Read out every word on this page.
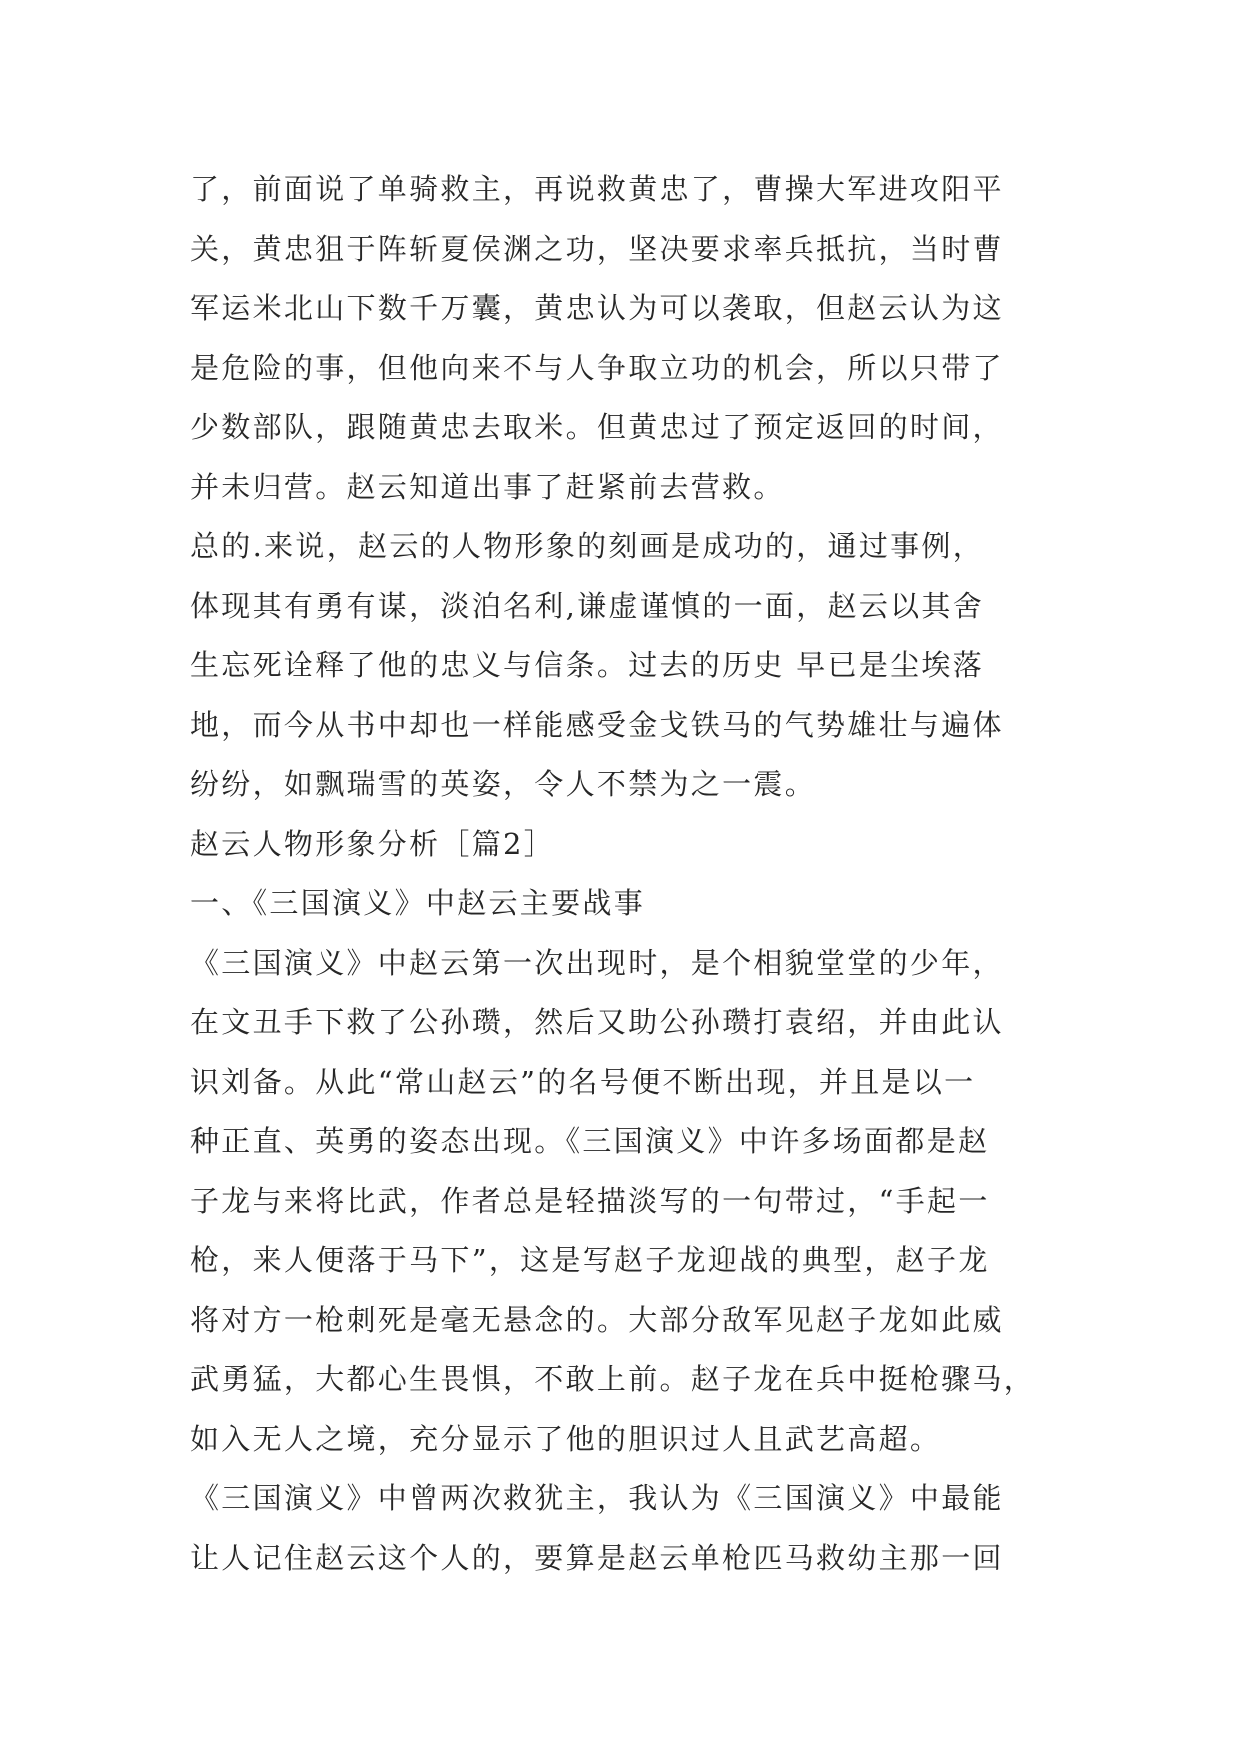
了，前面说了单骑救主，再说救黄忠了，曹操大军进攻阳平
关，黄忠狙于阵斩夏侯渊之功，坚决要求率兵抵抗，当时曹
军运米北山下数千万囊，黄忠认为可以袭取，但赵云认为这
是危险的事，但他向来不与人争取立功的机会，所以只带了
少数部队，跟随黄忠去取米。但黄忠过了预定返回的时间，
并未归营。赵云知道出事了赶紧前去营救。
总的.来说，赵云的人物形象的刻画是成功的，通过事例，
体现其有勇有谋，淡泊名利,谦虚谨慎的一面，赵云以其舍
生忘死诠释了他的忠义与信条。过去的历史 早已是尘埃落
地，而今从书中却也一样能感受金戈铁马的气势雄壮与遍体
纷纷，如飘瑞雪的英姿，令人不禁为之一震。
赵云人物形象分析［篇2］
一、《三国演义》中赵云主要战事
《三国演义》中赵云第一次出现时，是个相貌堂堂的少年，
在文丑手下救了公孙瓒，然后又助公孙瓒打袁绍，并由此认
识刘备。从此“常山赵云”的名号便不断出现，并且是以一
种正直、英勇的姿态出现。《三国演义》中许多场面都是赵
子龙与来将比武，作者总是轻描淡写的一句带过，“手起一
枪，来人便落于马下”，这是写赵子龙迎战的典型，赵子龙
将对方一枪刺死是毫无悬念的。大部分敌军见赵子龙如此威
武勇猛，大都心生畏惧，不敢上前。赵子龙在兵中挺枪骤马，
如入无人之境，充分显示了他的胆识过人且武艺高超。
《三国演义》中曾两次救犹主，我认为《三国演义》中最能
让人记住赵云这个人的，要算是赵云单枪匹马救幼主那一回
